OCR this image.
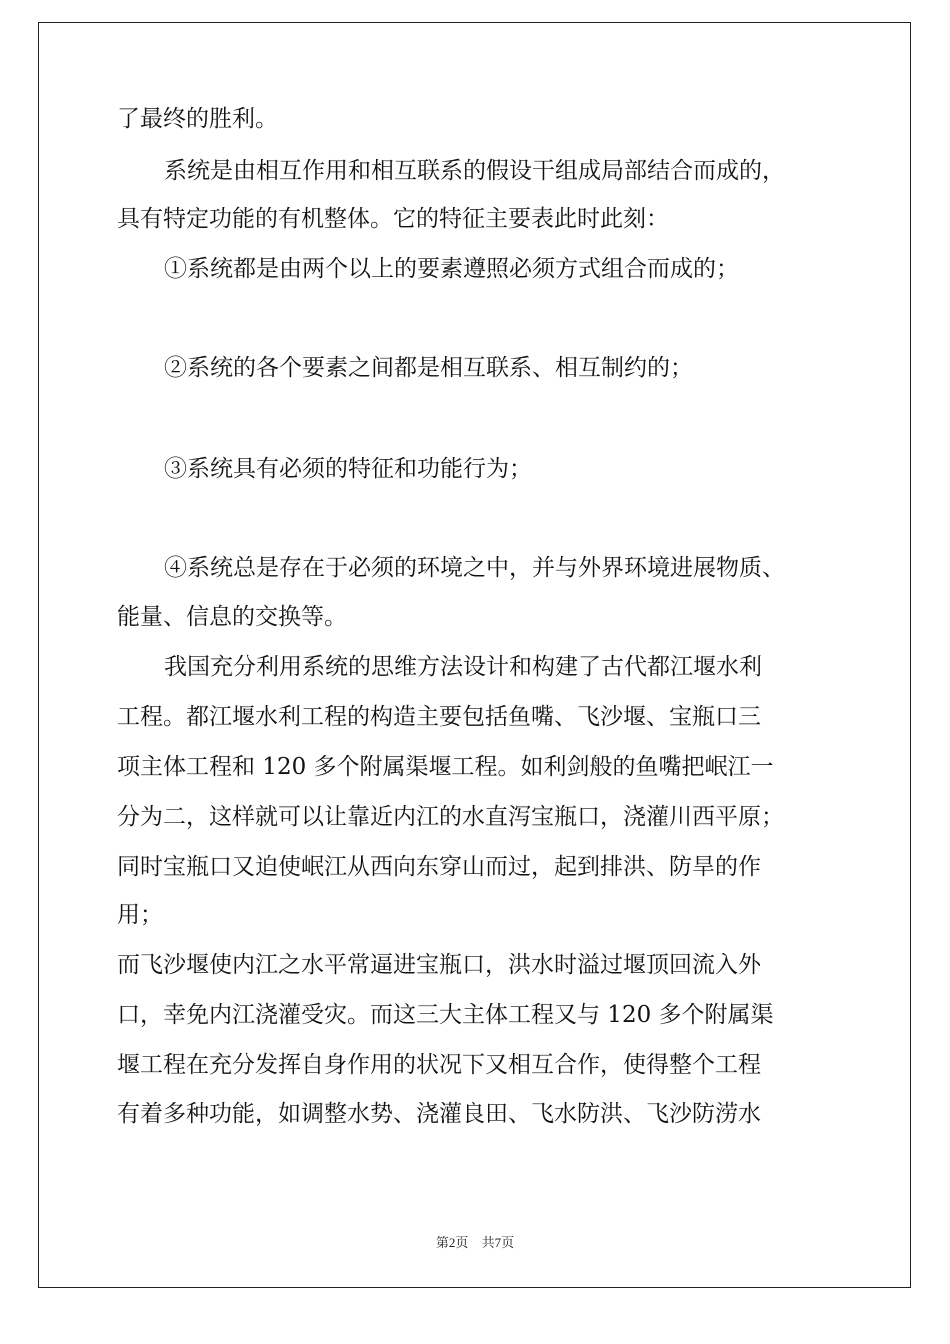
了最终的胜利。

系统是由相互作用和相互联系的假设干组成局部结合而成的，

具有特定功能的有机整体。它的特征主要表此时此刻：

①系统都是由两个以上的要素遵照必须方式组合而成的；

②系统的各个要素之间都是相互联系、相互制约的；

③系统具有必须的特征和功能行为；

④系统总是存在于必须的环境之中，并与外界环境进展物质、

能量、信息的交换等。

我国充分利用系统的思维方法设计和构建了古代都江堰水利

工程。都江堰水利工程的构造主要包括鱼嘴、飞沙堰、宝瓶口三

项主体工程和 120 多个附属渠堰工程。如利剑般的鱼嘴把岷江一

分为二，这样就可以让靠近内江的水直泻宝瓶口，浇灌川西平原；

同时宝瓶口又迫使岷江从西向东穿山而过，起到排洪、防旱的作

用；

而飞沙堰使内江之水平常逼进宝瓶口，洪水时溢过堰顶回流入外

口，幸免内江浇灌受灾。而这三大主体工程又与 120 多个附属渠

堰工程在充分发挥自身作用的状况下又相互合作，使得整个工程

有着多种功能，如调整水势、浇灌良田、飞水防洪、飞沙防涝水

第2页 共7页
